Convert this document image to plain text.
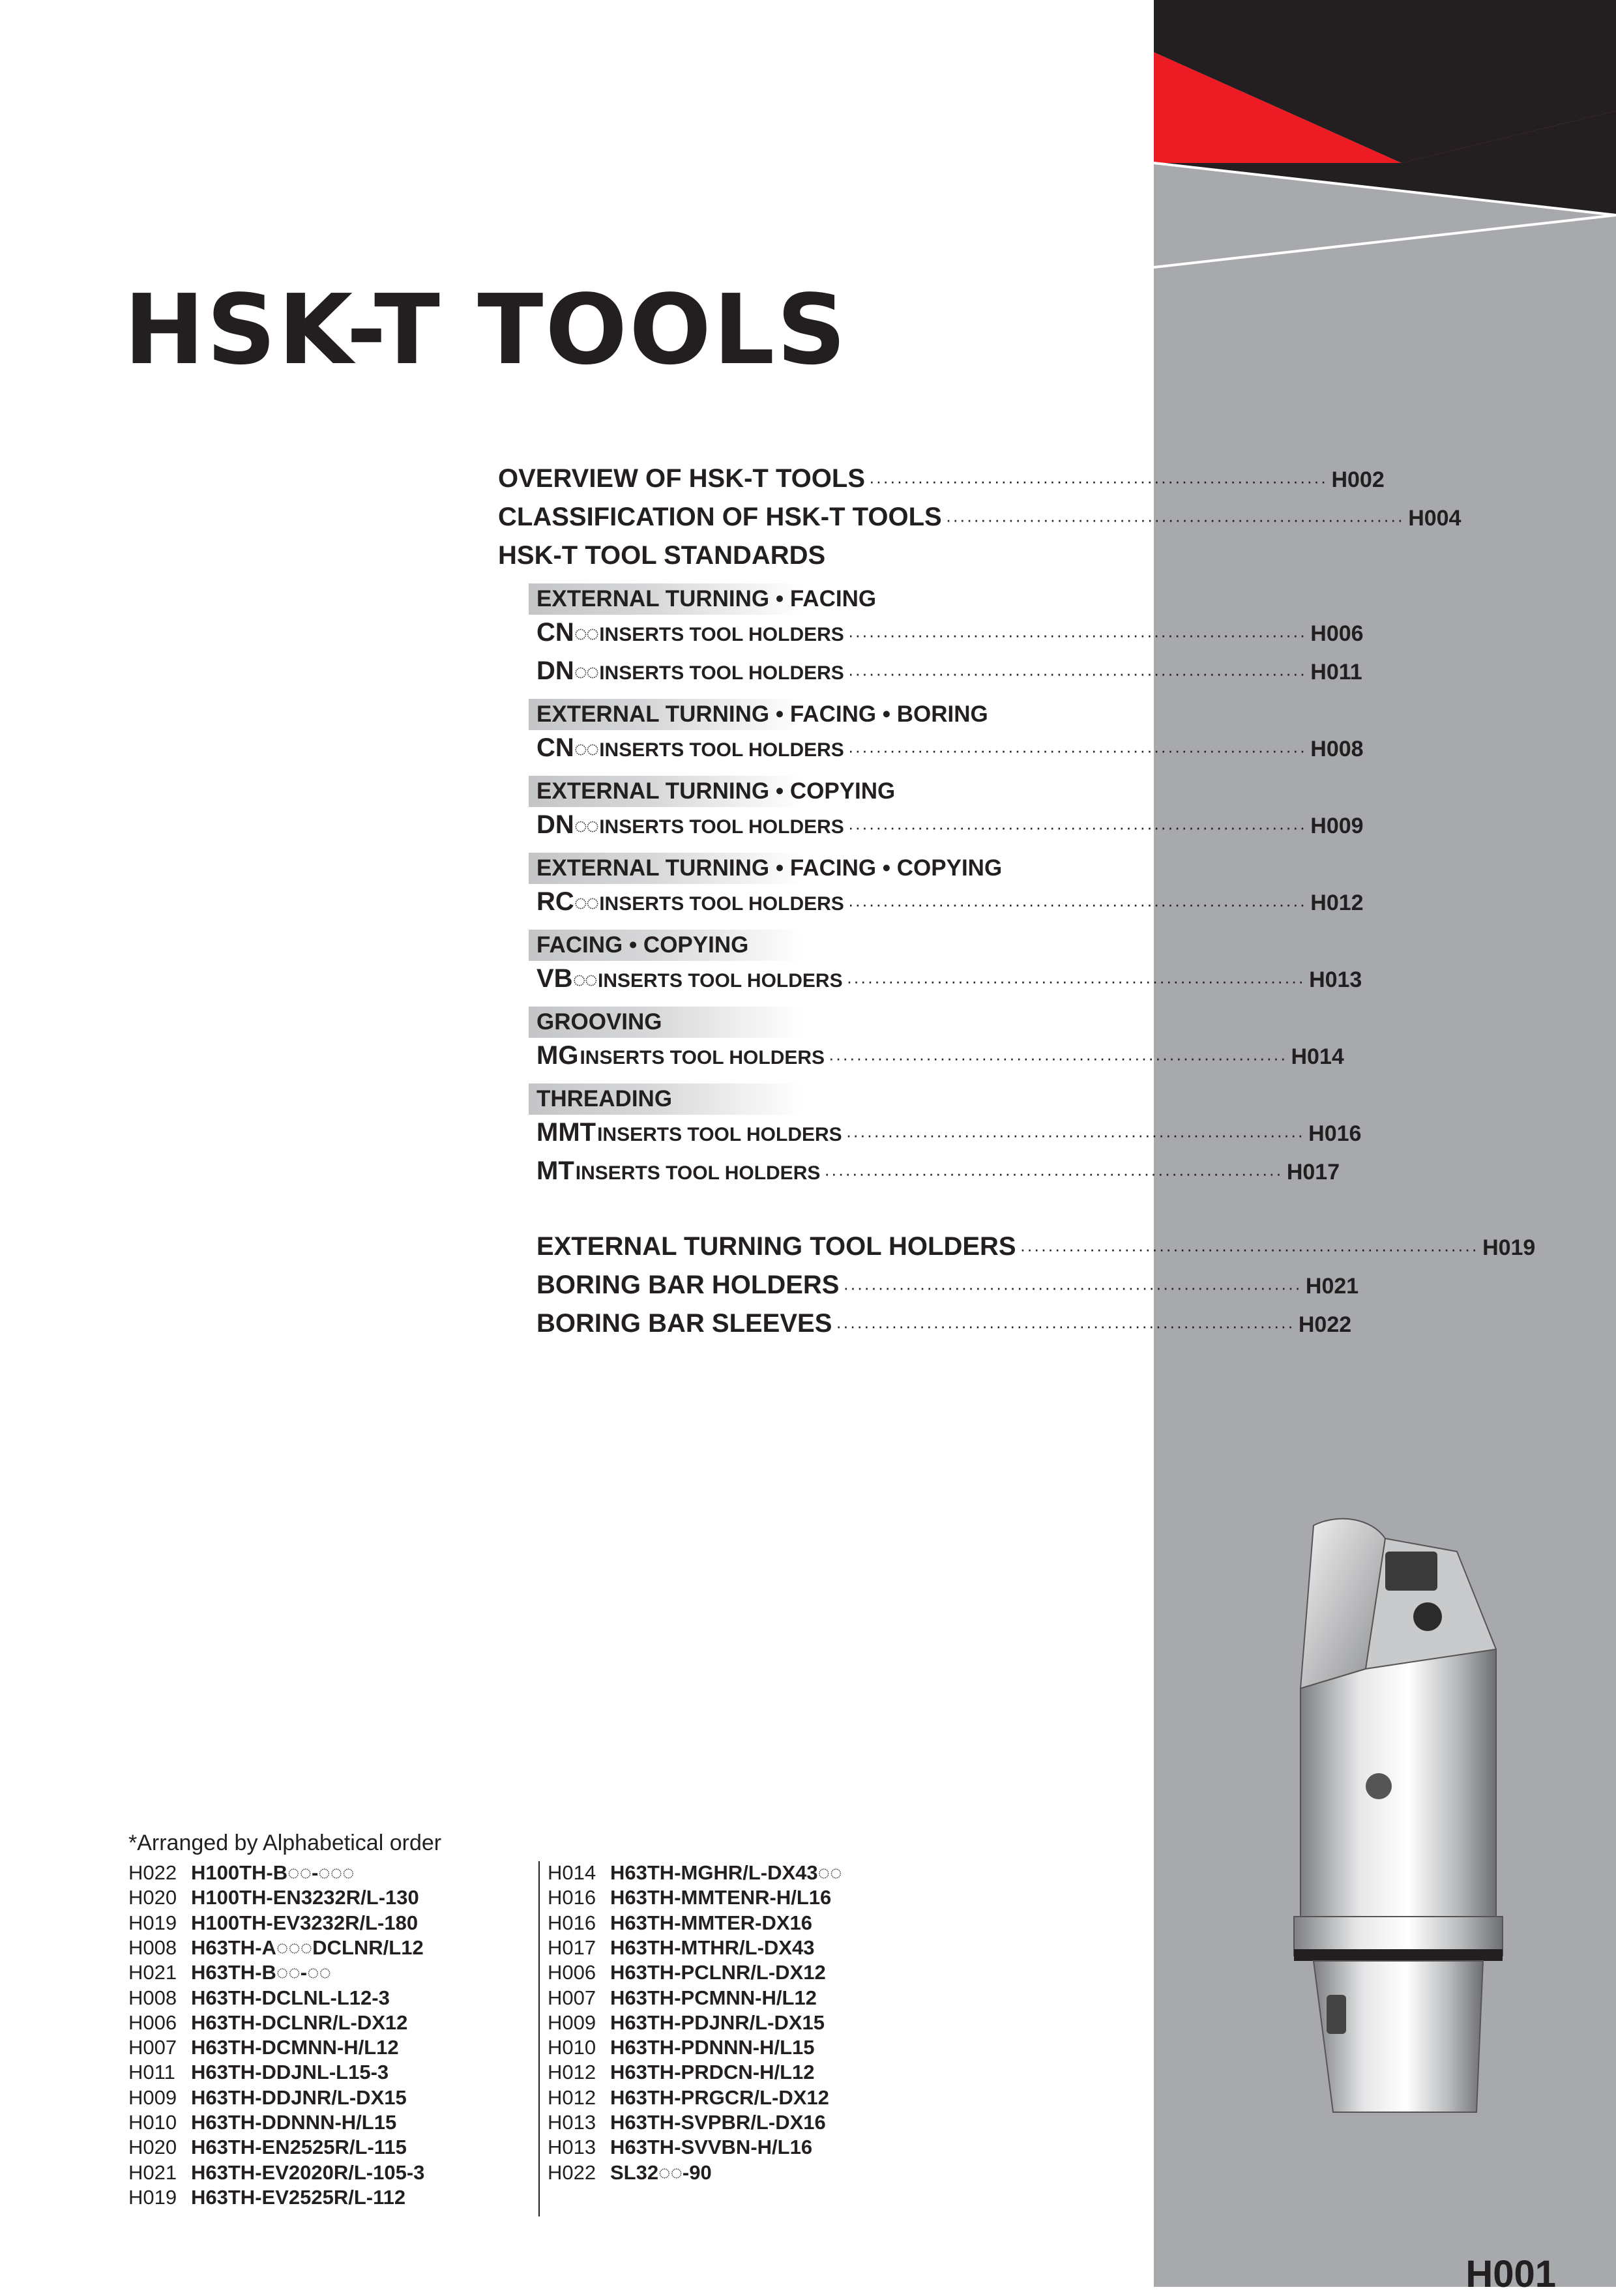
HSK-T TOOLS
OVERVIEW OF HSK-T TOOLS ·································································· H002
CLASSIFICATION OF HSK-T TOOLS ·································································· H004
HSK-T TOOL STANDARDS
EXTERNAL TURNING • FACING
CN ◌◌ INSERTS TOOL HOLDERS ·································································· H006
DN ◌◌ INSERTS TOOL HOLDERS ·································································· H011
EXTERNAL TURNING • FACING • BORING
CN ◌◌ INSERTS TOOL HOLDERS ·································································· H008
EXTERNAL TURNING • COPYING
DN ◌◌ INSERTS TOOL HOLDERS ·································································· H009
EXTERNAL TURNING • FACING • COPYING
RC ◌◌ INSERTS TOOL HOLDERS ·································································· H012
FACING • COPYING
VB ◌◌ INSERTS TOOL HOLDERS ·································································· H013
GROOVING
MG INSERTS TOOL HOLDERS ·································································· H014
THREADING
MMT INSERTS TOOL HOLDERS ·································································· H016
MT INSERTS TOOL HOLDERS ·································································· H017
EXTERNAL TURNING TOOL HOLDERS ·································································· H019
BORING BAR HOLDERS ·································································· H021
BORING BAR SLEEVES ·································································· H022
*Arranged by Alphabetical order
H022 H100TH-B◌◌-◌◌◌
H020 H100TH-EN3232R/L-130
H019 H100TH-EV3232R/L-180
H008 H63TH-A◌◌◌DCLNR/L12
H021 H63TH-B◌◌-◌◌
H008 H63TH-DCLNL-L12-3
H006 H63TH-DCLNR/L-DX12
H007 H63TH-DCMNN-H/L12
H011 H63TH-DDJNL-L15-3
H009 H63TH-DDJNR/L-DX15
H010 H63TH-DDNNN-H/L15
H020 H63TH-EN2525R/L-115
H021 H63TH-EV2020R/L-105-3
H019 H63TH-EV2525R/L-112
H014 H63TH-MGHR/L-DX43◌◌
H016 H63TH-MMTENR-H/L16
H016 H63TH-MMTER-DX16
H017 H63TH-MTHR/L-DX43
H006 H63TH-PCLNR/L-DX12
H007 H63TH-PCMNN-H/L12
H009 H63TH-PDJNR/L-DX15
H010 H63TH-PDNNN-H/L15
H012 H63TH-PRDCN-H/L12
H012 H63TH-PRGCR/L-DX12
H013 H63TH-SVPBR/L-DX16
H013 H63TH-SVVBN-H/L16
H022 SL32◌◌-90
H001
